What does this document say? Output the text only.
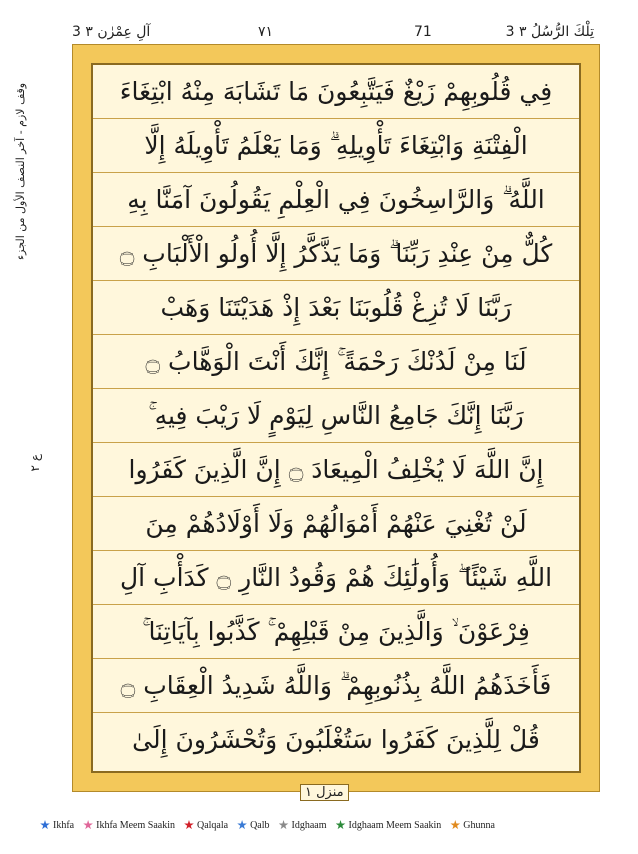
3 تِلْكَ الرُّسُلُ ٣
71
٧١
3 آلِ عِمْرٰن ٣
وقف لازم - آخر النصف الأول من الجزء
ع ٢
فِي قُلُوبِهِمْ زَيْغٌ فَيَتَّبِعُونَ مَا تَشَابَهَ مِنْهُ ابْتِغَاءَ
الْفِتْنَةِ وَابْتِغَاءَ تَأْوِيلِهِ ۗ وَمَا يَعْلَمُ تَأْوِيلَهُ إِلَّا
اللَّهُ ۗ وَالرَّاسِخُونَ فِي الْعِلْمِ يَقُولُونَ آمَنَّا بِهِ
كُلٌّ مِنْ عِنْدِ رَبِّنَا ۗ وَمَا يَذَّكَّرُ إِلَّا أُولُو الْأَلْبَابِ ۝
رَبَّنَا لَا تُزِغْ قُلُوبَنَا بَعْدَ إِذْ هَدَيْتَنَا وَهَبْ
لَنَا مِنْ لَدُنْكَ رَحْمَةً ۚ إِنَّكَ أَنْتَ الْوَهَّابُ ۝
رَبَّنَا إِنَّكَ جَامِعُ النَّاسِ لِيَوْمٍ لَا رَيْبَ فِيهِ ۚ
إِنَّ اللَّهَ لَا يُخْلِفُ الْمِيعَادَ ۝ إِنَّ الَّذِينَ كَفَرُوا
لَنْ تُغْنِيَ عَنْهُمْ أَمْوَالُهُمْ وَلَا أَوْلَادُهُمْ مِنَ
اللَّهِ شَيْئًا ۖ وَأُولَٰئِكَ هُمْ وَقُودُ النَّارِ ۝ كَدَأْبِ آلِ
فِرْعَوْنَ ۙ وَالَّذِينَ مِنْ قَبْلِهِمْ ۚ كَذَّبُوا بِآيَاتِنَا ۚ
فَأَخَذَهُمُ اللَّهُ بِذُنُوبِهِمْ ۗ وَاللَّهُ شَدِيدُ الْعِقَابِ ۝
قُلْ لِلَّذِينَ كَفَرُوا سَتُغْلَبُونَ وَتُحْشَرُونَ إِلَىٰ
منزل ١
Ikhfa Ikhfa Meem Saakin Qalqala Qalb Idghaam Idghaam Meem Saakin Ghunna
